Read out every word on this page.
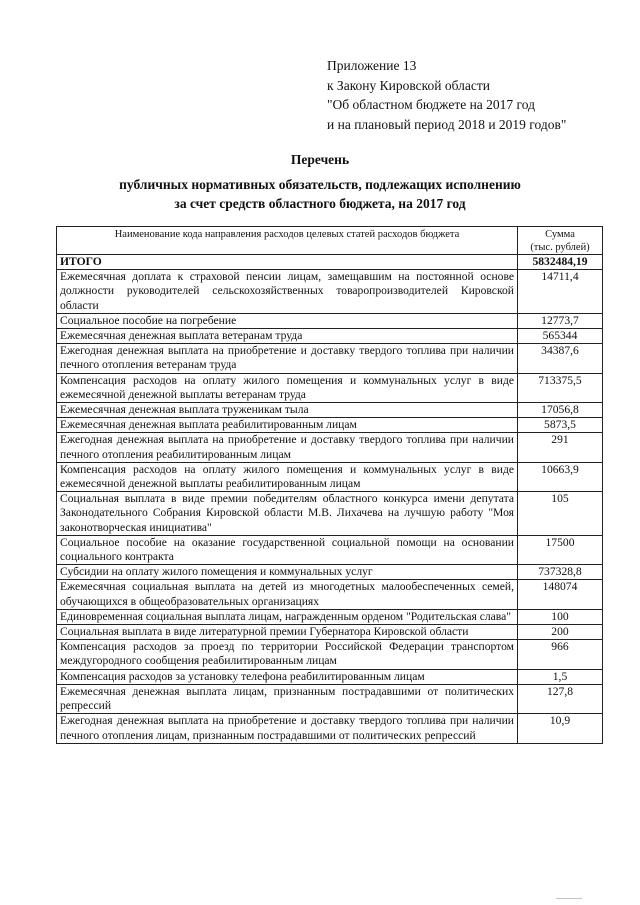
Приложение 13
к Закону Кировской области
"Об областном бюджете на 2017 год
и на плановый период 2018 и 2019 годов"
Перечень
публичных нормативных обязательств, подлежащих исполнению
за счет средств областного бюджета, на 2017 год
Наименование кода направления расходов целевых статей расходов бюджета	Сумма
(тыс. рублей)
ИТОГО	5832484,19
Ежемесячная доплата к страховой пенсии лицам, замещавшим на постоянной основе должности руководителей сельскохозяйственных товаропроизводителей Кировской области	14711,4
Социальное пособие на погребение	12773,7
Ежемесячная денежная выплата ветеранам труда	565344
Ежегодная денежная выплата на приобретение и доставку твердого топлива при наличии печного отопления ветеранам труда	34387,6
Компенсация расходов на оплату жилого помещения и коммунальных услуг в виде ежемесячной денежной выплаты ветеранам труда	713375,5
Ежемесячная денежная выплата труженикам тыла	17056,8
Ежемесячная денежная выплата реабилитированным лицам	5873,5
Ежегодная денежная выплата на приобретение и доставку твердого топлива при наличии печного отопления реабилитированным лицам	291
Компенсация расходов на оплату жилого помещения и коммунальных услуг в виде ежемесячной денежной выплаты реабилитированным лицам	10663,9
Социальная выплата в виде премии победителям областного конкурса имени депутата Законодательного Собрания Кировской области М.В. Лихачева на лучшую работу "Моя законотворческая инициатива"	105
Социальное пособие на оказание государственной социальной помощи на основании социального контракта	17500
Субсидии на оплату жилого помещения и коммунальных услуг	737328,8
Ежемесячная социальная выплата на детей из многодетных малообеспеченных семей, обучающихся в общеобразовательных организациях	148074
Единовременная социальная выплата лицам, награжденным орденом "Родительская слава"	100
Социальная выплата в виде литературной премии Губернатора Кировской области	200
Компенсация расходов за проезд по территории Российской Федерации транспортом междугородного сообщения реабилитированным лицам	966
Компенсация расходов за установку телефона реабилитированным лицам	1,5
Ежемесячная денежная выплата лицам, признанным пострадавшими от политических репрессий	127,8
Ежегодная денежная выплата на приобретение и доставку твердого топлива при наличии печного отопления лицам, признанным пострадавшими от политических репрессий	10,9
.............
